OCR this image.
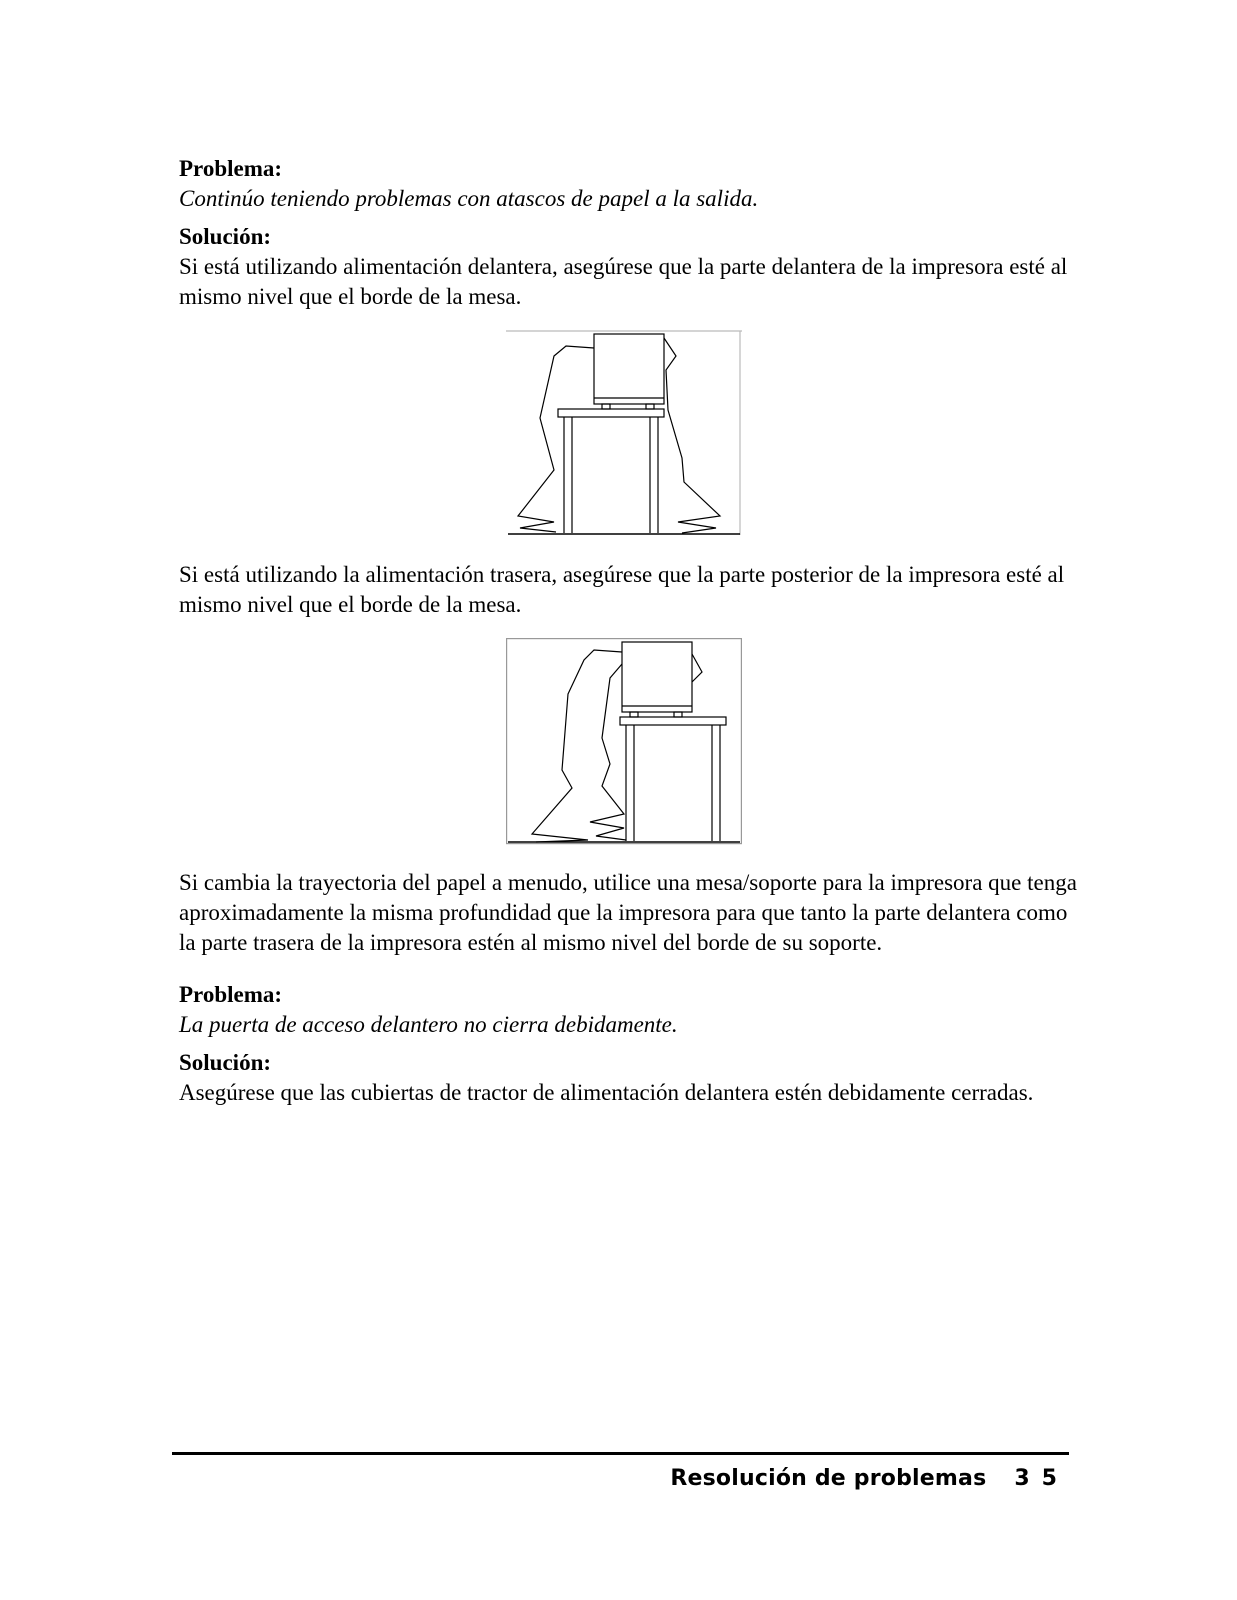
Problema:

Continúo teniendo problemas con atascos de papel a la salida.

Solución:

Si está utilizando alimentación delantera, asegúrese que la parte delantera de la impresora esté al mismo nivel que el borde de la mesa.

Si está utilizando la alimentación trasera, asegúrese que la parte posterior de la impresora esté al mismo nivel que el borde de la mesa.

Si cambia la trayectoria del papel a menudo, utilice una mesa/soporte para la impresora que tenga aproximadamente la misma profundidad que la impresora para que tanto la parte delantera como la parte trasera de la impresora estén al mismo nivel del borde de su soporte.

Problema:

La puerta de acceso delantero no cierra debidamente.

Solución:

Asegúrese que las cubiertas de tractor de alimentación delantera estén debidamente cerradas.

Resolución de problemas 35
